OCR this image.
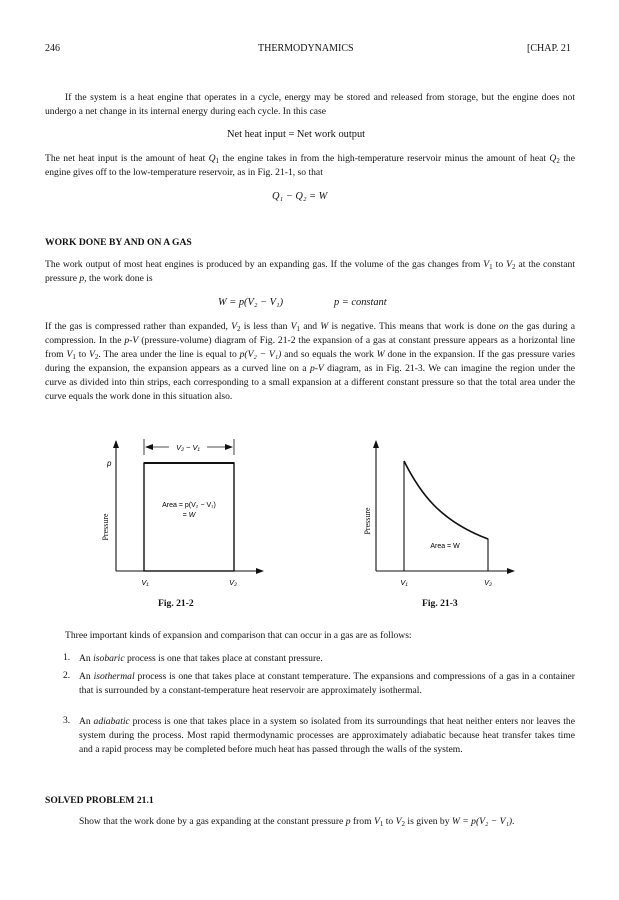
246	THERMODYNAMICS	[CHAP. 21

If the system is a heat engine that operates in a cycle, energy may be stored and released from storage, but the engine does not undergo a net change in its internal energy during each cycle. In this case

Net heat input = Net work output

The net heat input is the amount of heat $Q_1$ the engine takes in from the high-temperature reservoir minus the amount of heat $Q_2$ the engine gives off to the low-temperature reservoir, as in Fig. 21-1, so that

Q₁ − Q₂ = W
WORK DONE BY AND ON A GAS

The work output of most heat engines is produced by an expanding gas. If the volume of the gas changes from $V_1$ to $V_2$ at the constant pressure p, the work done is

W = p(V₂ − V₁)	p = constant

If the gas is compressed rather than expanded, $V_2$ is less than $V_1$ and W is negative. This means that work is done on the gas during a compression. In the p-V (pressure-volume) diagram of Fig. 21-2 the expansion of a gas at constant pressure appears as a horizontal line from $V_1$ to $V_2$. The area under the line is equal to p(V₂ − V₁) and so equals the work W done in the expansion. If the gas pressure varies during the expansion, the expansion appears as a curved line on a p-V diagram, as in Fig. 21-3. We can imagine the region under the curve as divided into thin strips, each corresponding to a small expansion at a different constant pressure so that the total area under the curve equals the work done in this situation also.

V₂ − V₁
p
Pressure
Area = p(V₂ − V₁)
= W
V₁	V₂
Fig. 21-2
Pressure
Area = W
V₁	V₂
Fig. 21-3

Three important kinds of expansion and comparison that can occur in a gas are as follows:

1. An isobaric process is one that takes place at constant pressure.

2. An isothermal process is one that takes place at constant temperature. The expansions and compressions of a gas in a container that is surrounded by a constant-temperature heat reservoir are approximately isothermal.

3. An adiabatic process is one that takes place in a system so isolated from its surroundings that heat neither enters nor leaves the system during the process. Most rapid thermodynamic processes are approximately adiabatic because heat transfer takes time and a rapid process may be completed before much heat has passed through the walls of the system.

SOLVED PROBLEM 21.1

Show that the work done by a gas expanding at the constant pressure p from $V_1$ to $V_2$ is given by W = p(V₂ − V₁).
